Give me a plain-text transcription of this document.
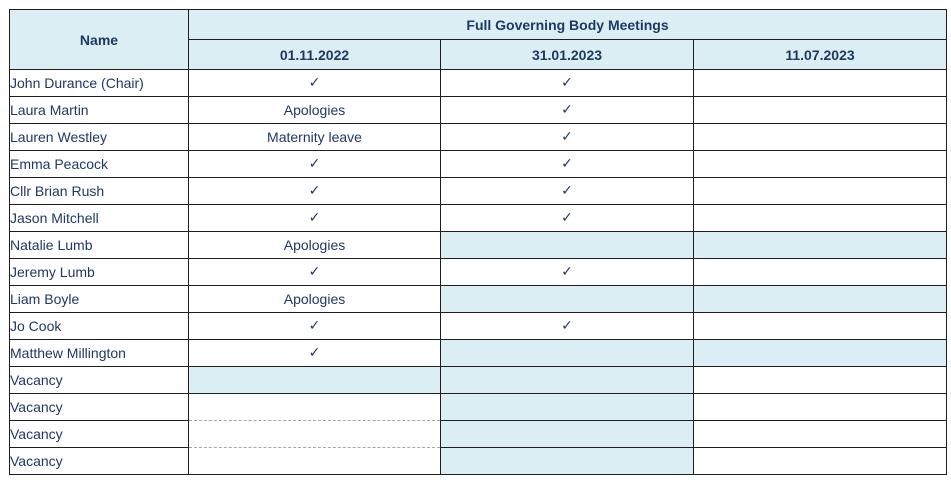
Name	Full Governing Body Meetings		
	01.11.2022	31.01.2023	11.07.2023
John Durance (Chair)	✓	✓	
Laura Martin	Apologies	✓	
Lauren Westley	Maternity leave	✓	
Emma Peacock	✓	✓	
Cllr Brian Rush	✓	✓	
Jason Mitchell	✓	✓	
Natalie Lumb	Apologies		
Jeremy Lumb	✓	✓	
Liam Boyle	Apologies		
Jo Cook	✓	✓	
Matthew Millington	✓		
Vacancy			
Vacancy			
Vacancy			
Vacancy			
